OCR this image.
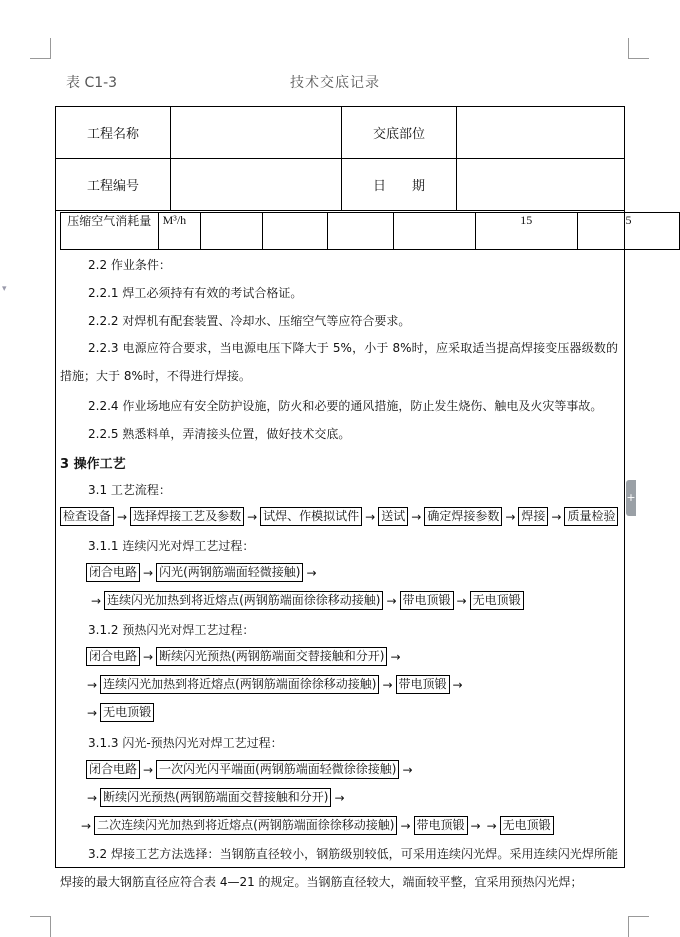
▾
+
表 C1-3	技术交底记录
工程名称		交底部位	
工程编号		日　　期	
压缩空气消耗量	M³/h					15	5
2.2 作业条件：
2.2.1 焊工必须持有有效的考试合格证。
2.2.2 对焊机有配套装置、冷却水、压缩空气等应符合要求。
2.2.3 电源应符合要求，当电源电压下降大于 5%，小于 8%时，应采取适当提高焊接变压器级数的措施；大于 8%时，不得进行焊接。
2.2.4 作业场地应有安全防护设施，防火和必要的通风措施，防止发生烧伤、触电及火灾等事故。
2.2.5 熟悉料单，弄清接头位置，做好技术交底。
3 操作工艺
3.1 工艺流程：
检查设备 → 选择焊接工艺及参数 → 试焊、作模拟试件 → 送试 → 确定焊接参数 → 焊接 → 质量检验
3.1.1 连续闪光对焊工艺过程：
闭合电路 → 闪光(两钢筋端面轻微接触) →
→ 连续闪光加热到将近熔点(两钢筋端面徐徐移动接触) → 带电顶锻 → 无电顶锻
3.1.2 预热闪光对焊工艺过程：
闭合电路 → 断续闪光预热(两钢筋端面交替接触和分开) →
→ 连续闪光加热到将近熔点(两钢筋端面徐徐移动接触) → 带电顶锻 →
→ 无电顶锻
3.1.3 闪光-预热闪光对焊工艺过程：
闭合电路 → 一次闪光闪平端面(两钢筋端面轻微徐徐接触) →
→ 断续闪光预热(两钢筋端面交替接触和分开) →
→ 二次连续闪光加热到将近熔点(两钢筋端面徐徐移动接触) → 带电顶锻 → → 无电顶锻
3.2 焊接工艺方法选择：当钢筋直径较小，钢筋级别较低，可采用连续闪光焊。采用连续闪光焊所能焊接的最大钢筋直径应符合表 4—21 的规定。当钢筋直径较大，端面较平整，宜采用预热闪光焊；
